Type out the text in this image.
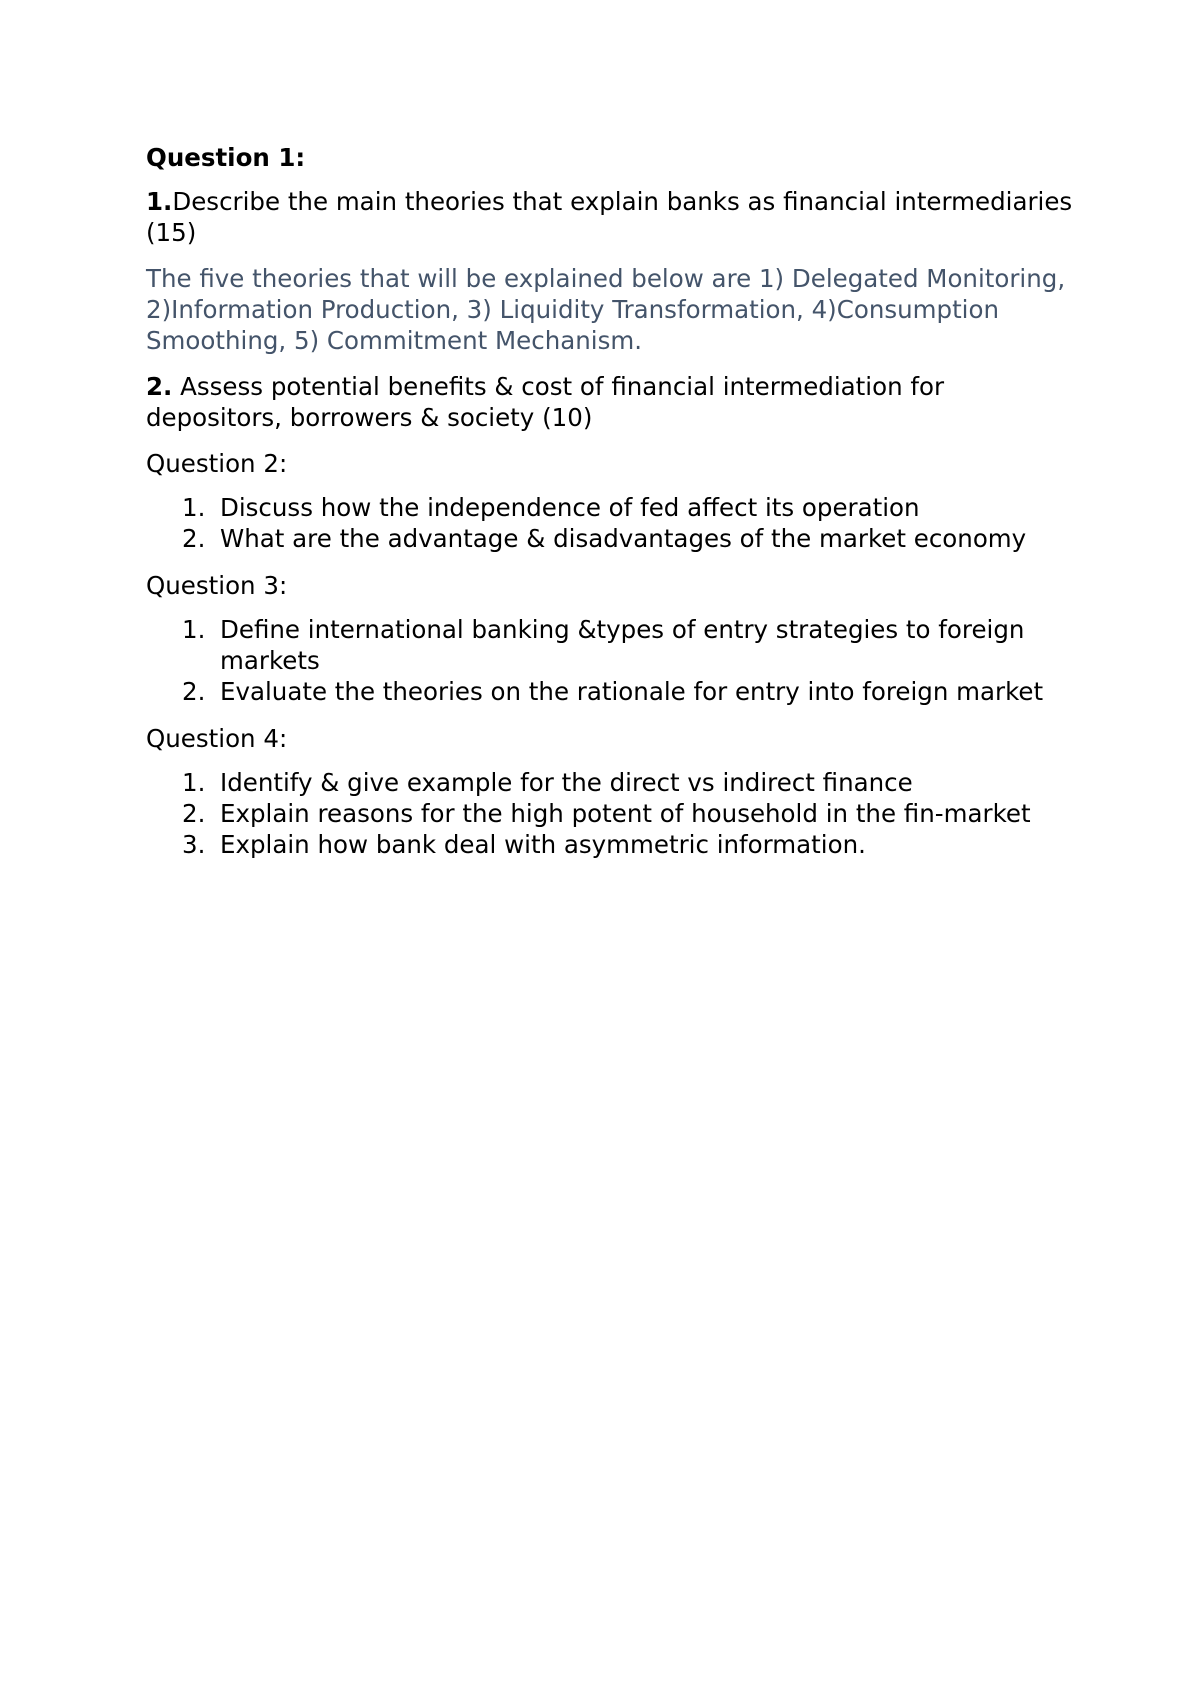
Question 1:

1.Describe the main theories that explain banks as financial intermediaries (15)

The five theories that will be explained below are 1) Delegated Monitoring, 2)Information Production, 3) Liquidity Transformation, 4)Consumption Smoothing, 5) Commitment Mechanism.

2. Assess potential benefits & cost of financial intermediation for depositors, borrowers & society (10)

Question 2:

1. Discuss how the independence of fed affect its operation
2. What are the advantage & disadvantages of the market economy

Question 3:

1. Define international banking &types of entry strategies to foreign markets
2. Evaluate the theories on the rationale for entry into foreign market

Question 4:

1. Identify & give example for the direct vs indirect finance
2. Explain reasons for the high potent of household in the fin-market
3. Explain how bank deal with asymmetric information.
